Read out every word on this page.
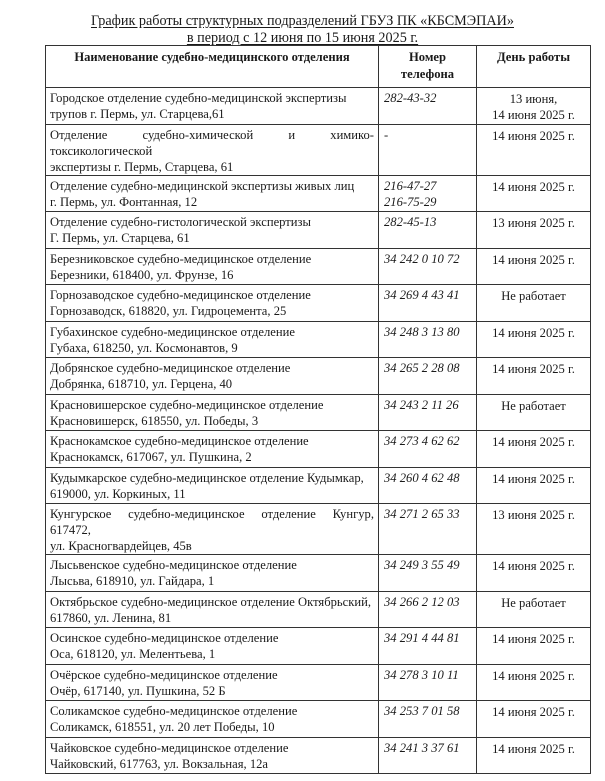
График работы структурных подразделений ГБУЗ ПК «КБСМЭПАИ»
в период с 12 июня по 15 июня 2025 г.
Наименование судебно-медицинского отделения	Номер телефона	День работы

Городское отделение судебно-медицинской экспертизы
трупов г. Пермь, ул. Старцева,61	282-43-32	13 июня,
14 июня 2025 г.

Отделение судебно-химической и химико-токсикологической
экспертизы г. Пермь, Старцева, 61	-	14 июня 2025 г.

Отделение судебно-медицинской экспертизы живых лиц
г. Пермь, ул. Фонтанная, 12	216-47-27
216-75-29	14 июня 2025 г.

Отделение судебно-гистологической экспертизы
Г. Пермь, ул. Старцева, 61	282-45-13	13 июня 2025 г.

Березниковское судебно-медицинское отделение
Березники, 618400, ул. Фрунзе, 16	34 242 0 10 72	14 июня 2025 г.

Горнозаводское судебно-медицинское отделение
Горнозаводск, 618820, ул. Гидроцемента, 25	34 269 4 43 41	Не работает

Губахинское судебно-медицинское отделение
Губаха, 618250, ул. Космонавтов, 9	34 248 3 13 80	14 июня 2025 г.

Добрянское судебно-медицинское отделение
Добрянка, 618710, ул. Герцена, 40	34 265 2 28 08	14 июня 2025 г.

Красновишерское судебно-медицинское отделение
Красновишерск, 618550, ул. Победы, 3	34 243 2 11 26	Не работает

Краснокамское судебно-медицинское отделение
Краснокамск, 617067, ул. Пушкина, 2	34 273 4 62 62	14 июня 2025 г.

Кудымкарское судебно-медицинское отделение Кудымкар,
619000, ул. Коркиных, 11	34 260 4 62 48	14 июня 2025 г.

Кунгурское судебно-медицинское отделение Кунгур, 617472,
ул. Красногвардейцев, 45в	34 271 2 65 33	13 июня 2025 г.

Лысьвенское судебно-медицинское отделение
Лысьва, 618910, ул. Гайдара, 1	34 249 3 55 49	14 июня 2025 г.

Октябрьское судебно-медицинское отделение Октябрьский,
617860, ул. Ленина, 81	34 266 2 12 03	Не работает

Осинское судебно-медицинское отделение
Оса, 618120, ул. Мелентьева, 1	34 291 4 44 81	14 июня 2025 г.

Очёрское судебно-медицинское отделение
Очёр, 617140, ул. Пушкина, 52 Б	34 278 3 10 11	14 июня 2025 г.

Соликамское судебно-медицинское отделение
Соликамск, 618551, ул. 20 лет Победы, 10	34 253 7 01 58	14 июня 2025 г.

Чайковское судебно-медицинское отделение
Чайковский, 617763, ул. Вокзальная, 12а	34 241 3 37 61	14 июня 2025 г.
